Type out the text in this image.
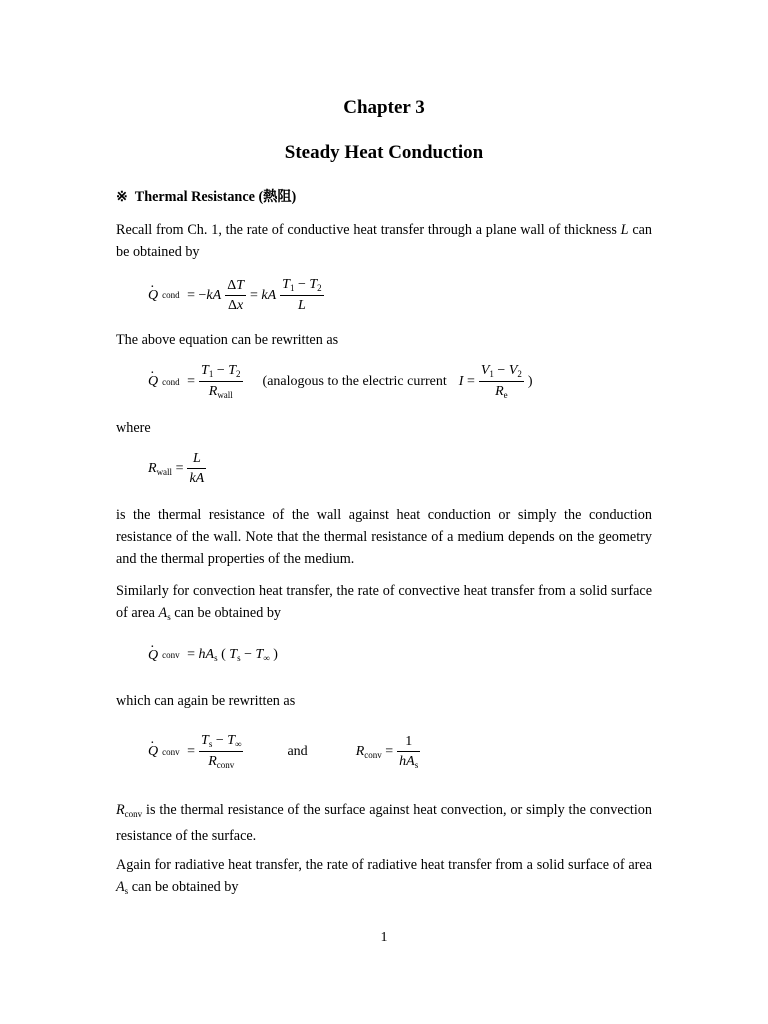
Chapter 3
Steady Heat Conduction
※ Thermal Resistance (熱阻)

Recall from Ch. 1, the rate of conductive heat transfer through a plane wall of thickness L can be obtained by

· Q cond = $-kA \frac{\Delta T}{\Delta x}$ = kA $\frac{T_1 - T_2}{L}$

The above equation can be rewritten as

· Q cond = $\frac{T_1 - T_2}{R_{wall}}$ (analogous to the electric current $I = \frac{V_1 - V_2}{R_e}$ )

where

$R_{wall} = \frac{L}{kA}$

is the thermal resistance of the wall against heat conduction or simply the conduction resistance of the wall. Note that the thermal resistance of a medium depends on the geometry and the thermal properties of the medium.

Similarly for convection heat transfer, the rate of convective heat transfer from a solid surface of area $A_s$ can be obtained by

· Q conv = $hA_s$ ( $T_s - T_\infty$ )

which can again be rewritten as

· Q conv = $\frac{T_s - T_\infty}{R_{conv}}$	and	$R_{conv} = \frac{1}{hA_s}$

$R_{conv}$ is the thermal resistance of the surface against heat convection, or simply the convection resistance of the surface.

Again for radiative heat transfer, the rate of radiative heat transfer from a solid surface of area $A_s$ can be obtained by

1
